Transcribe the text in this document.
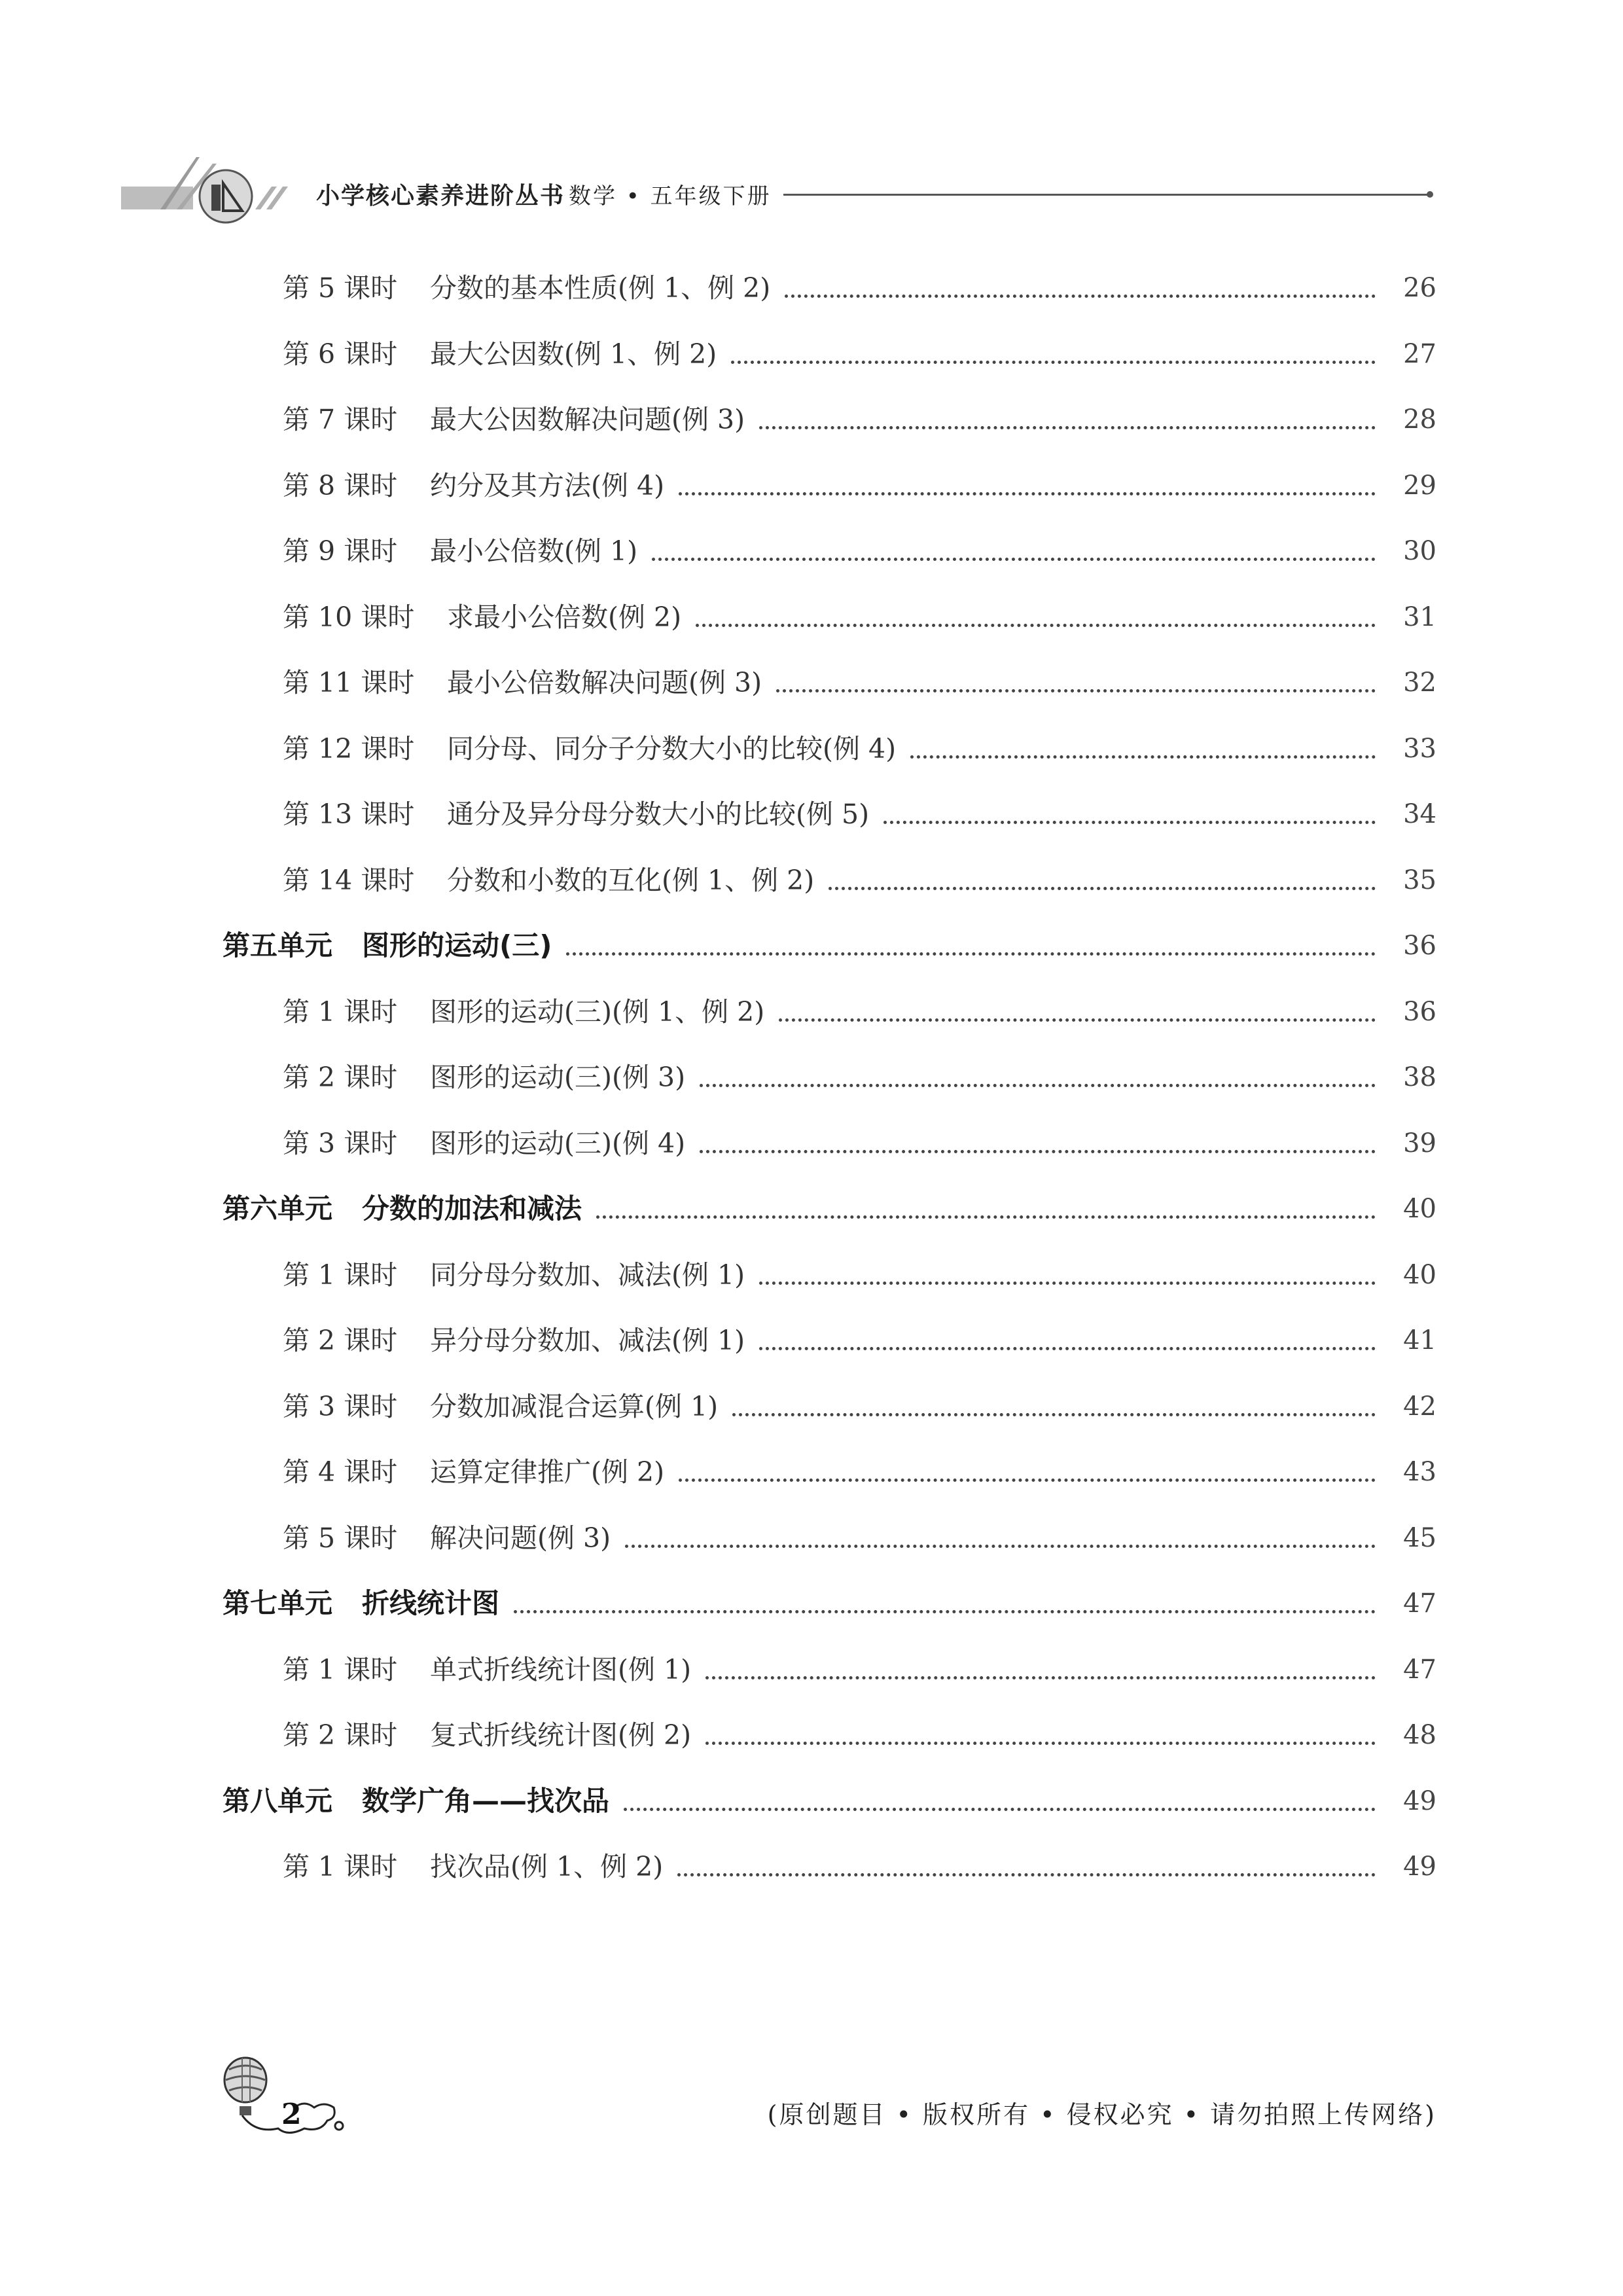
小学核心素养进阶丛书 数学 • 五年级下册
第 5 课时 分数的基本性质(例 1、例 2)	26
第 6 课时 最大公因数(例 1、例 2)	27
第 7 课时 最大公因数解决问题(例 3)	28
第 8 课时 约分及其方法(例 4)	29
第 9 课时 最小公倍数(例 1)	30
第 10 课时 求最小公倍数(例 2)	31
第 11 课时 最小公倍数解决问题(例 3)	32
第 12 课时 同分母、同分子分数大小的比较(例 4)	33
第 13 课时 通分及异分母分数大小的比较(例 5)	34
第 14 课时 分数和小数的互化(例 1、例 2)	35
第五单元 图形的运动(三)	36
第 1 课时 图形的运动(三)(例 1、例 2)	36
第 2 课时 图形的运动(三)(例 3)	38
第 3 课时 图形的运动(三)(例 4)	39
第六单元 分数的加法和减法	40
第 1 课时 同分母分数加、减法(例 1)	40
第 2 课时 异分母分数加、减法(例 1)	41
第 3 课时 分数加减混合运算(例 1)	42
第 4 课时 运算定律推广(例 2)	43
第 5 课时 解决问题(例 3)	45
第七单元 折线统计图	47
第 1 课时 单式折线统计图(例 1)	47
第 2 课时 复式折线统计图(例 2)	48
第八单元 数学广角——找次品	49
第 1 课时 找次品(例 1、例 2)	49
2	(原创题目 • 版权所有 • 侵权必究 • 请勿拍照上传网络)
